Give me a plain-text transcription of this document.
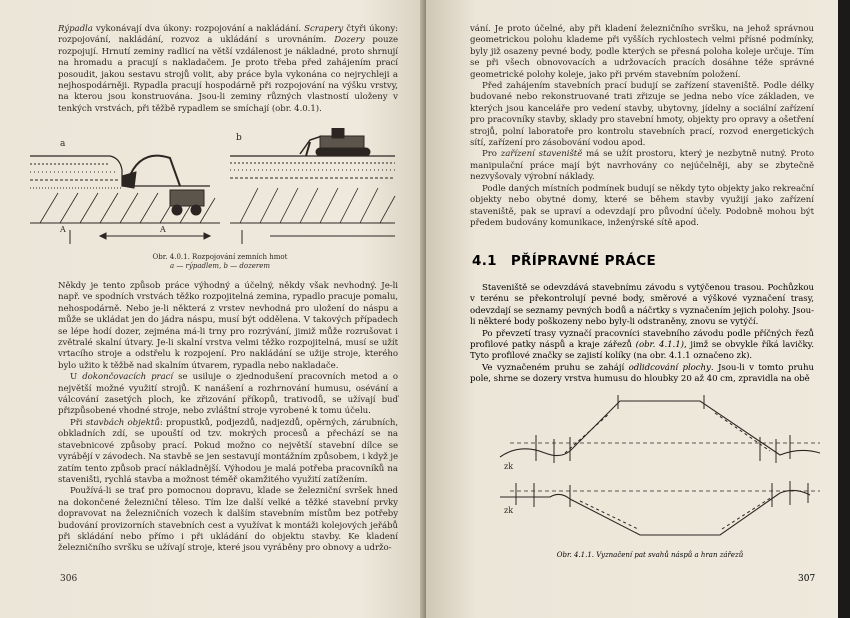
Rýpadla vykonávají dva úkony: rozpojování a nakládání. Scrapery čtyři úkony: rozpojování, nakládání, rozvoz a ukládání s urovnáním. Dozery pouze rozpojují. Hrnutí zeminy radlicí na větší vzdálenost je nákladné, proto shrnují na hromadu a pracují s nakladačem. Je proto třeba před zahájením prací posoudit, jakou sestavu strojů volit, aby práce byla vykonána co nejrychleji a nejhospodárněji. Rypadla pracují hospodárně při rozpojování na výšku vrstvy, na kterou jsou konstruována. Jsou-li zeminy různých vlastností uloženy v tenkých vrstvách, při těžbě rypadlem se smíchají (obr. 4.0.1).

a
b
A	A
Obr. 4.0.1. Rozpojování zemních hmot
a — rýpadlem, b — dozerem

Někdy je tento způsob práce výhodný a účelný, někdy však nevhodný. Je-li např. ve spodních vrstvách těžko rozpojitelná zemina, rypadlo pracuje pomalu, nehospodárně. Nebo je-li některá z vrstev nevhodná pro uložení do náspu a může se ukládat jen do jádra náspu, musí být oddělena. V takových případech se lépe hodí dozer, zejména má-li trny pro rozrývání, jimiž může rozrušovat i zvětralé skalní útvary. Je-li skalní vrstva velmi těžko rozpojitelná, musí se užít vrtacího stroje a odstřelu k rozpojení. Pro nakládání se užije stroje, kterého bylo užito k těžbě nad skalním útvarem, rypadla nebo nakladače.

U dokončovacích prací se usiluje o zjednodušení pracovních metod a o největší možné využití strojů. K nanášení a rozhrnování humusu, osévání a válcování zasetých ploch, ke zřizování příkopů, trativodů, se užívají buď přizpůsobené vhodné stroje, nebo zvláštní stroje vyrobené k tomu účelu.

Při stavbách objektů: propustků, podjezdů, nadjezdů, opěrných, zárubních, obkladních zdí, se upouští od tzv. mokrých procesů a přechází se na stavebnicové způsoby prací. Pokud možno co největší stavební dílce se vyrábějí v závodech. Na stavbě se jen sestavují montážním způsobem, i když je zatím tento způsob prací nákladnější. Výhodou je malá potřeba pracovníků na staveništi, rychlá stavba a možnost téměř okamžitého využití zatížením.

Používá-li se trať pro pomocnou dopravu, klade se železniční svršek hned na dokončené železniční těleso. Tím lze další velké a těžké stavební prvky dopravovat na železničních vozech k dalším stavebním místům bez potřeby budování provizorních stavebních cest a využívat k montáži kolejových jeřábů při skládání nebo přímo i při ukládání do objektu stavby. Ke kladení železničního svršku se užívají stroje, které jsou vyráběny pro obnovy a udržo-

306

vání. Je proto účelné, aby při kladení železničního svršku, na jehož správnou geometrickou polohu klademe při vyšších rychlostech velmi přísné podmínky, byly již osazeny pevné body, podle kterých se přesná poloha koleje určuje. Tím se při všech obnovovacích a udržovacích pracích dosáhne téže správné geometrické polohy koleje, jako při prvém stavebním položení.

Před zahájením stavebních prací budují se zařízení staveniště. Podle délky budované nebo rekonstruované trati zřizuje se jedna nebo více základen, ve kterých jsou kanceláře pro vedení stavby, ubytovny, jídelny a sociální zařízení pro pracovníky stavby, sklady pro stavební hmoty, objekty pro opravy a ošetření strojů, polní laboratoře pro kontrolu stavebních prací, rozvod energetických sítí, zařízení pro zásobování vodou apod.

Pro zařízení staveniště má se užít prostoru, který je nezbytně nutný. Proto manipulační práce mají být navrhovány co nejúčelněji, aby se zbytečně nezvyšovaly výrobní náklady.

Podle daných místních podmínek budují se někdy tyto objekty jako rekreační objekty nebo obytné domy, které se během stavby využijí jako zařízení staveniště, pak se upraví a odevzdají pro původní účely. Podobně mohou být předem budovány komunikace, inženýrské sítě apod.

4.1 PŘÍPRAVNÉ PRÁCE

Staveniště se odevzdává stavebnímu závodu s vytýčenou trasou. Pochůzkou v terénu se překontrolují pevné body, směrové a výškové vyznačení trasy, odevzdají se seznamy pevných bodů a náčrtky s vyznačením jejich polohy. Jsou-li některé body poškozeny nebo byly-li odstraněny, znovu se vytýčí.

Po převzetí trasy vyznačí pracovníci stavebního závodu podle příčných řezů profilové patky náspů a kraje zářezů (obr. 4.1.1), jimž se obvykle říká lavičky. Tyto profilové značky se zajistí kolíky (na obr. 4.1.1 označeno zk).

Ve vyznačeném pruhu se zahájí odlidcování plochy. Jsou-li v tomto pruhu pole, shrne se dozery vrstva humusu do hloubky 20 až 40 cm, zpravidla na obě

zk
zk
Obr. 4.1.1. Vyznačení pat svahů náspů a hran zářezů
307
